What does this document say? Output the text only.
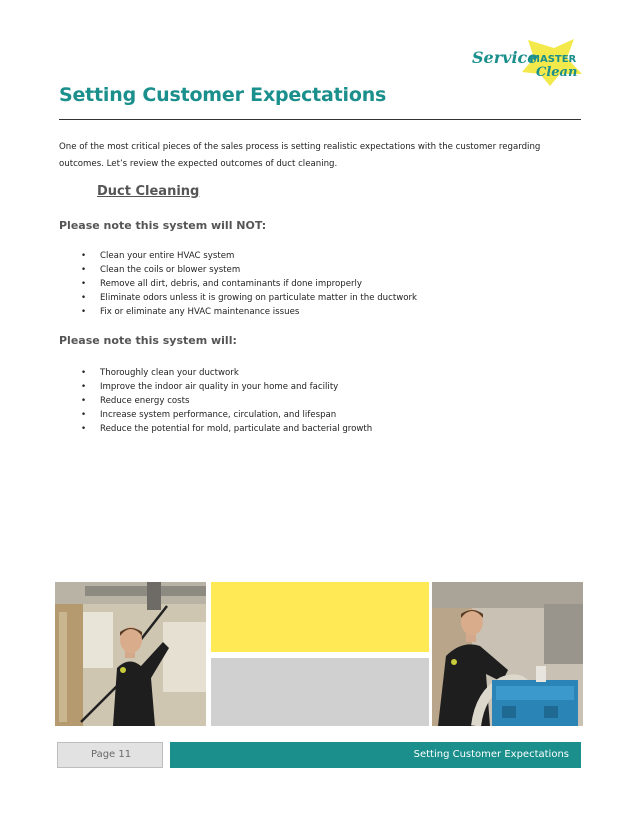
Service
MASTER
Clean
Setting Customer Expectations

One of the most critical pieces of the sales process is setting realistic expectations with the customer regarding outcomes. Let’s review the expected outcomes of duct cleaning.

Duct Cleaning
Please note this system will NOT:
• Clean your entire HVAC system
• Clean the coils or blower system
• Remove all dirt, debris, and contaminants if done improperly
• Eliminate odors unless it is growing on particulate matter in the ductwork
• Fix or eliminate any HVAC maintenance issues
Please note this system will:
• Thoroughly clean your ductwork
• Improve the indoor air quality in your home and facility
• Reduce energy costs
• Increase system performance, circulation, and lifespan
• Reduce the potential for mold, particulate and bacterial growth
Page 11	Setting Customer Expectations
